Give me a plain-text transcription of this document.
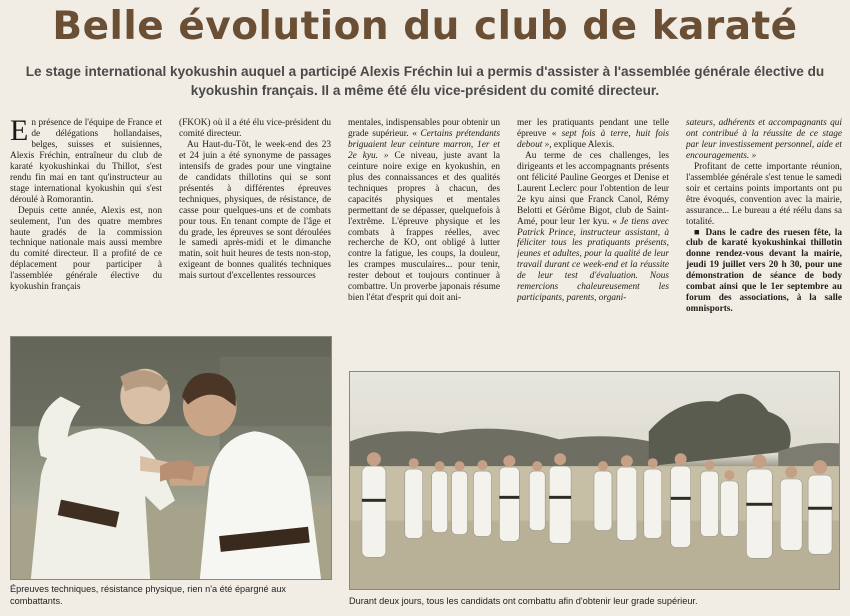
Belle évolution du club de karaté

Le stage international kyokushin auquel a participé Alexis Fréchin lui a permis d'assister à l'assemblée générale élective du kyokushin français. Il a même été élu vice-président du comité directeur.

En présence de l'équipe de France et de délégations hollandaises, belges, suisses et suisiennes, Alexis Fréchin, entraîneur du club de karaté kyokushinkai du Thillot, s'est rendu fin mai en tant qu'instructeur au stage international kyokushin qui s'est déroulé à Romorantin.

Depuis cette année, Alexis est, non seulement, l'un des quatre membres haute gradés de la commission technique nationale mais aussi membre du comité directeur. Il a profité de ce déplacement pour participer à l'assemblée générale élective du kyokushin français

(FKOK) où il a été élu vice-président du comité directeur.

Au Haut-du-Tôt, le week-end des 23 et 24 juin a été synonyme de passages intensifs de grades pour une vingtaine de candidats thillotins qui se sont présentés à différentes épreuves techniques, physiques, de résistance, de casse pour quelques-uns et de combats pour tous. En tenant compte de l'âge et du grade, les épreuves se sont déroulées le samedi après-midi et le dimanche matin, soit huit heures de tests non-stop, exigeant de bonnes qualités techniques mais surtout d'excellentes ressources

mentales, indispensables pour obtenir un grade supérieur. « Certains prétendants briguaient leur ceinture marron, 1er et 2e kyu. » Ce niveau, juste avant la ceinture noire exige en kyokushin, en plus des connaissances et des qualités techniques propres à chacun, des capacités physiques et mentales permettant de se dépasser, quelquefois à l'extrême. L'épreuve physique et les combats à frappes réelles, avec recherche de KO, ont obligé à lutter contre la fatigue, les coups, la douleur, les crampes musculaires... pour tenir, rester debout et toujours continuer à combattre. Un proverbe japonais résume bien l'état d'esprit qui doit ani-

mer les pratiquants pendant une telle épreuve « sept fois à terre, huit fois debout », explique Alexis.

Au terme de ces challenges, les dirigeants et les accompagnants présents ont félicité Pauline Georges et Denise et Laurent Leclerc pour l'obtention de leur 2e kyu ainsi que Franck Canol, Rémy Belotti et Gérôme Bigot, club de Saint-Amé, pour leur 1er kyu. « Je tiens avec Patrick Prince, instructeur assistant, à féliciter tous les pratiquants présents, jeunes et adultes, pour la qualité de leur travail durant ce week-end et la réussite de leur test d'évaluation. Nous remercions chaleureusement les participants, parents, organi-

sateurs, adhérents et accompagnants qui ont contribué à la réussite de ce stage par leur investissement personnel, aide et encouragements. »

Profitant de cette importante réunion, l'assemblée générale s'est tenue le samedi soir et certains points importants ont pu être évoqués, convention avec la mairie, assurance... Le bureau a été réélu dans sa totalité.

■ Dans le cadre des ruesen fête, la club de karaté kyokushinkai thillotin donne rendez-vous devant la mairie, jeudi 19 juillet vers 20 h 30, pour une démonstration de séance de body combat ainsi que le 1er septembre au forum des associations, à la salle omnisports.

Épreuves techniques, résistance physique, rien n'a été épargné aux combattants.	Durant deux jours, tous les candidats ont combattu afin d'obtenir leur grade supérieur.
